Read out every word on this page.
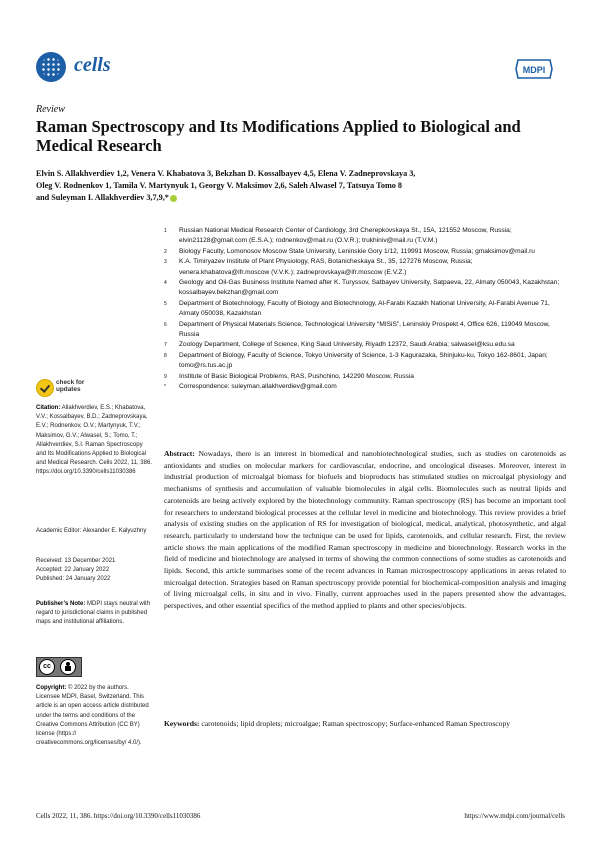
cells	MDPI
Review
Raman Spectroscopy and Its Modifications Applied to Biological and Medical Research
Elvin S. Allakhverdiev 1,2, Venera V. Khabatova 3, Bekzhan D. Kossalbayev 4,5, Elena V. Zadneprovskaya 3,
Oleg V. Rodnenkov 1, Tamila V. Martynyuk 1, Georgy V. Maksimov 2,6, Saleh Alwasel 7, Tatsuya Tomo 8
and Suleyman I. Allakhverdiev 3,7,9,*
1 Russian National Medical Research Center of Cardiology, 3rd Cherepkovskaya St., 15A, 121552 Moscow, Russia; elvin21128@gmail.com (E.S.A.); rodnenkov@mail.ru (O.V.R.); trukhiniv@mail.ru (T.V.M.)
2 Biology Faculty, Lomonosov Moscow State University, Leninskie Gory 1/12, 119991 Moscow, Russia; gmaksimov@mail.ru
3 K.A. Timiryazev Institute of Plant Physiology, RAS, Botanicheskaya St., 35, 127276 Moscow, Russia; venera.khabatova@ifr.moscow (V.V.K.); zadneprovskaya@ifr.moscow (E.V.Z.)
4 Geology and Oil-Gas Business Institute Named after K. Turyssov, Satbayev University, Satpaeva, 22, Almaty 050043, Kazakhstan; kossalbayev.bekzhan@gmail.com
5 Department of Biotechnology, Faculty of Biology and Biotechnology, Al-Farabi Kazakh National University, Al-Farabi Avenue 71, Almaty 050038, Kazakhstan
6 Department of Physical Materials Science, Technological University “MISiS”, Leninskiy Prospekt 4, Office 626, 119049 Moscow, Russia
7 Zoology Department, College of Science, King Saud University, Riyadh 12372, Saudi Arabia; salwasel@ksu.edu.sa
8 Department of Biology, Faculty of Science, Tokyo University of Science, 1-3 Kagurazaka, Shinjuku-ku, Tokyo 162-8601, Japan; tomo@rs.tus.ac.jp
9 Institute of Basic Biological Problems, RAS, Pushchino, 142290 Moscow, Russia
* Correspondence: suleyman.allakhverdiev@gmail.com
check for
updates
Citation: Allakhverdiev, E.S.; Khabatova, V.V.; Kossalbayev, B.D.; Zadneprovskaya, E.V.; Rodnenkov, O.V.; Martynyuk, T.V.; Maksimov, G.V.; Alwasel, S.; Tomo, T.; Allakhverdiev, S.I. Raman Spectroscopy and Its Modifications Applied to Biological and Medical Research. Cells 2022, 11, 386. https://doi.org/10.3390/cells11030386
Academic Editor: Alexander E. Kalyuzhny
Received: 13 December 2021
Accepted: 22 January 2022
Published: 24 January 2022
Publisher’s Note: MDPI stays neutral with regard to jurisdictional claims in published maps and institutional affiliations.
cc
Copyright: © 2022 by the authors. Licensee MDPI, Basel, Switzerland. This article is an open access article distributed under the terms and conditions of the Creative Commons Attribution (CC BY) license (https:// creativecommons.org/licenses/by/ 4.0/).
Abstract: Nowadays, there is an interest in biomedical and nanobiotechnological studies, such as studies on carotenoids as antioxidants and studies on molecular markers for cardiovascular, endocrine, and oncological diseases. Moreover, interest in industrial production of microalgal biomass for biofuels and bioproducts has stimulated studies on microalgal physiology and mechanisms of synthesis and accumulation of valuable biomolecules in algal cells. Biomolecules such as neutral lipids and carotenoids are being actively explored by the biotechnology community. Raman spectroscopy (RS) has become an important tool for researchers to understand biological processes at the cellular level in medicine and biotechnology. This review provides a brief analysis of existing studies on the application of RS for investigation of biological, medical, analytical, photosynthetic, and algal research, particularly to understand how the technique can be used for lipids, carotenoids, and cellular research. First, the review article shows the main applications of the modified Raman spectroscopy in medicine and biotechnology. Research works in the field of medicine and biotechnology are analysed in terms of showing the common connections of some studies as carotenoids and lipids. Second, this article summarises some of the recent advances in Raman microspectroscopy applications in areas related to microalgal detection. Strategies based on Raman spectroscopy provide potential for biochemical-composition analysis and imaging of living microalgal cells, in situ and in vivo. Finally, current approaches used in the papers presented show the advantages, perspectives, and other essential specifics of the method applied to plants and other species/objects.
Keywords: carotenoids; lipid droplets; microalgae; Raman spectroscopy; Surface-enhanced Raman Spectroscopy
Cells 2022, 11, 386. https://doi.org/10.3390/cells11030386	https://www.mdpi.com/journal/cells
